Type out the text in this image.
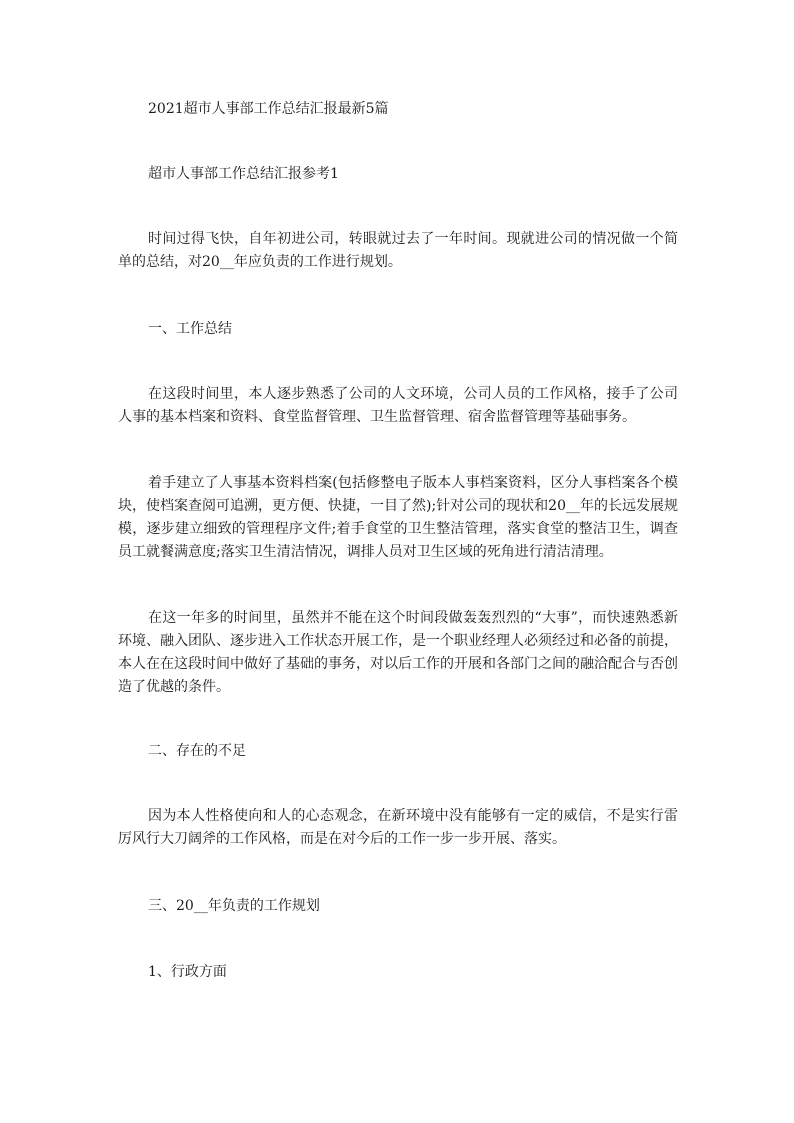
2021超市人事部工作总结汇报最新5篇

超市人事部工作总结汇报参考1

时间过得飞快，自年初进公司，转眼就过去了一年时间。现就进公司的情况做一个简单的总结，对20__年应负责的工作进行规划。

一、工作总结

在这段时间里，本人逐步熟悉了公司的人文环境，公司人员的工作风格，接手了公司人事的基本档案和资料、食堂监督管理、卫生监督管理、宿舍监督管理等基础事务。

着手建立了人事基本资料档案(包括修整电子版本人事档案资料，区分人事档案各个模块，使档案查阅可追溯，更方便、快捷，一目了然);针对公司的现状和20__年的长远发展规模，逐步建立细致的管理程序文件;着手食堂的卫生整洁管理，落实食堂的整洁卫生，调查员工就餐满意度;落实卫生清洁情况，调排人员对卫生区域的死角进行清洁清理。

在这一年多的时间里，虽然并不能在这个时间段做轰轰烈烈的“大事”，而快速熟悉新环境、融入团队、逐步进入工作状态开展工作，是一个职业经理人必须经过和必备的前提，本人在在这段时间中做好了基础的事务，对以后工作的开展和各部门之间的融洽配合与否创造了优越的条件。

二、存在的不足

因为本人性格使向和人的心态观念，在新环境中没有能够有一定的威信，不是实行雷厉风行大刀阔斧的工作风格，而是在对今后的工作一步一步开展、落实。

三、20__年负责的工作规划

1、行政方面
